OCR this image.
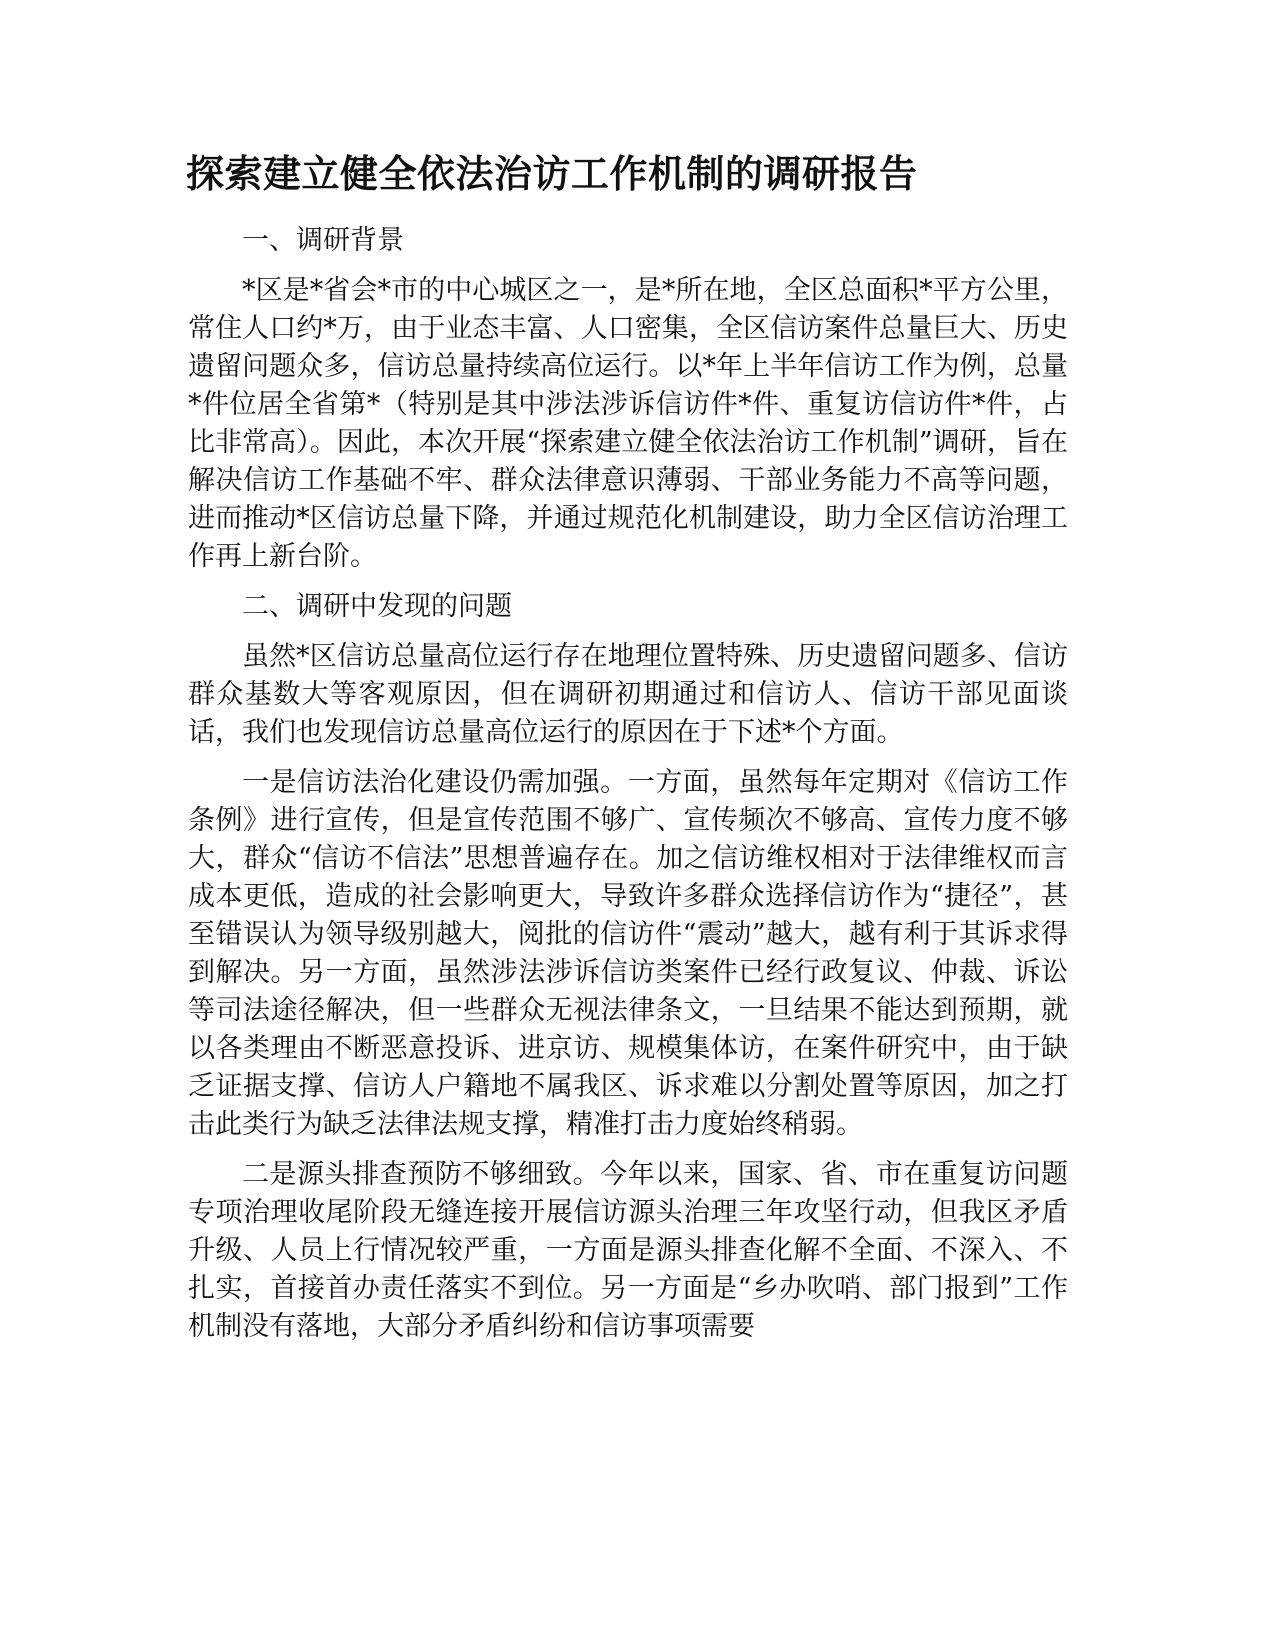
探索建立健全依法治访工作机制的调研报告

一、调研背景

*区是*省会*市的中心城区之一，是*所在地，全区总面积*平方公里，常住人口约*万，由于业态丰富、人口密集，全区信访案件总量巨大、历史遗留问题众多，信访总量持续高位运行。以*年上半年信访工作为例，总量*件位居全省第*（特别是其中涉法涉诉信访件*件、重复访信访件*件，占比非常高）。因此，本次开展“探索建立健全依法治访工作机制”调研，旨在解决信访工作基础不牢、群众法律意识薄弱、干部业务能力不高等问题，进而推动*区信访总量下降，并通过规范化机制建设，助力全区信访治理工作再上新台阶。

二、调研中发现的问题

虽然*区信访总量高位运行存在地理位置特殊、历史遗留问题多、信访群众基数大等客观原因，但在调研初期通过和信访人、信访干部见面谈话，我们也发现信访总量高位运行的原因在于下述*个方面。

一是信访法治化建设仍需加强。一方面，虽然每年定期对《信访工作条例》进行宣传，但是宣传范围不够广、宣传频次不够高、宣传力度不够大，群众“信访不信法”思想普遍存在。加之信访维权相对于法律维权而言成本更低，造成的社会影响更大，导致许多群众选择信访作为“捷径”，甚至错误认为领导级别越大，阅批的信访件“震动”越大，越有利于其诉求得到解决。另一方面，虽然涉法涉诉信访类案件已经行政复议、仲裁、诉讼等司法途径解决，但一些群众无视法律条文，一旦结果不能达到预期，就以各类理由不断恶意投诉、进京访、规模集体访，在案件研究中，由于缺乏证据支撑、信访人户籍地不属我区、诉求难以分割处置等原因，加之打击此类行为缺乏法律法规支撑，精准打击力度始终稍弱。

二是源头排查预防不够细致。今年以来，国家、省、市在重复访问题专项治理收尾阶段无缝连接开展信访源头治理三年攻坚行动，但我区矛盾升级、人员上行情况较严重，一方面是源头排查化解不全面、不深入、不扎实，首接首办责任落实不到位。另一方面是“乡办吹哨、部门报到”工作机制没有落地，大部分矛盾纠纷和信访事项需要
